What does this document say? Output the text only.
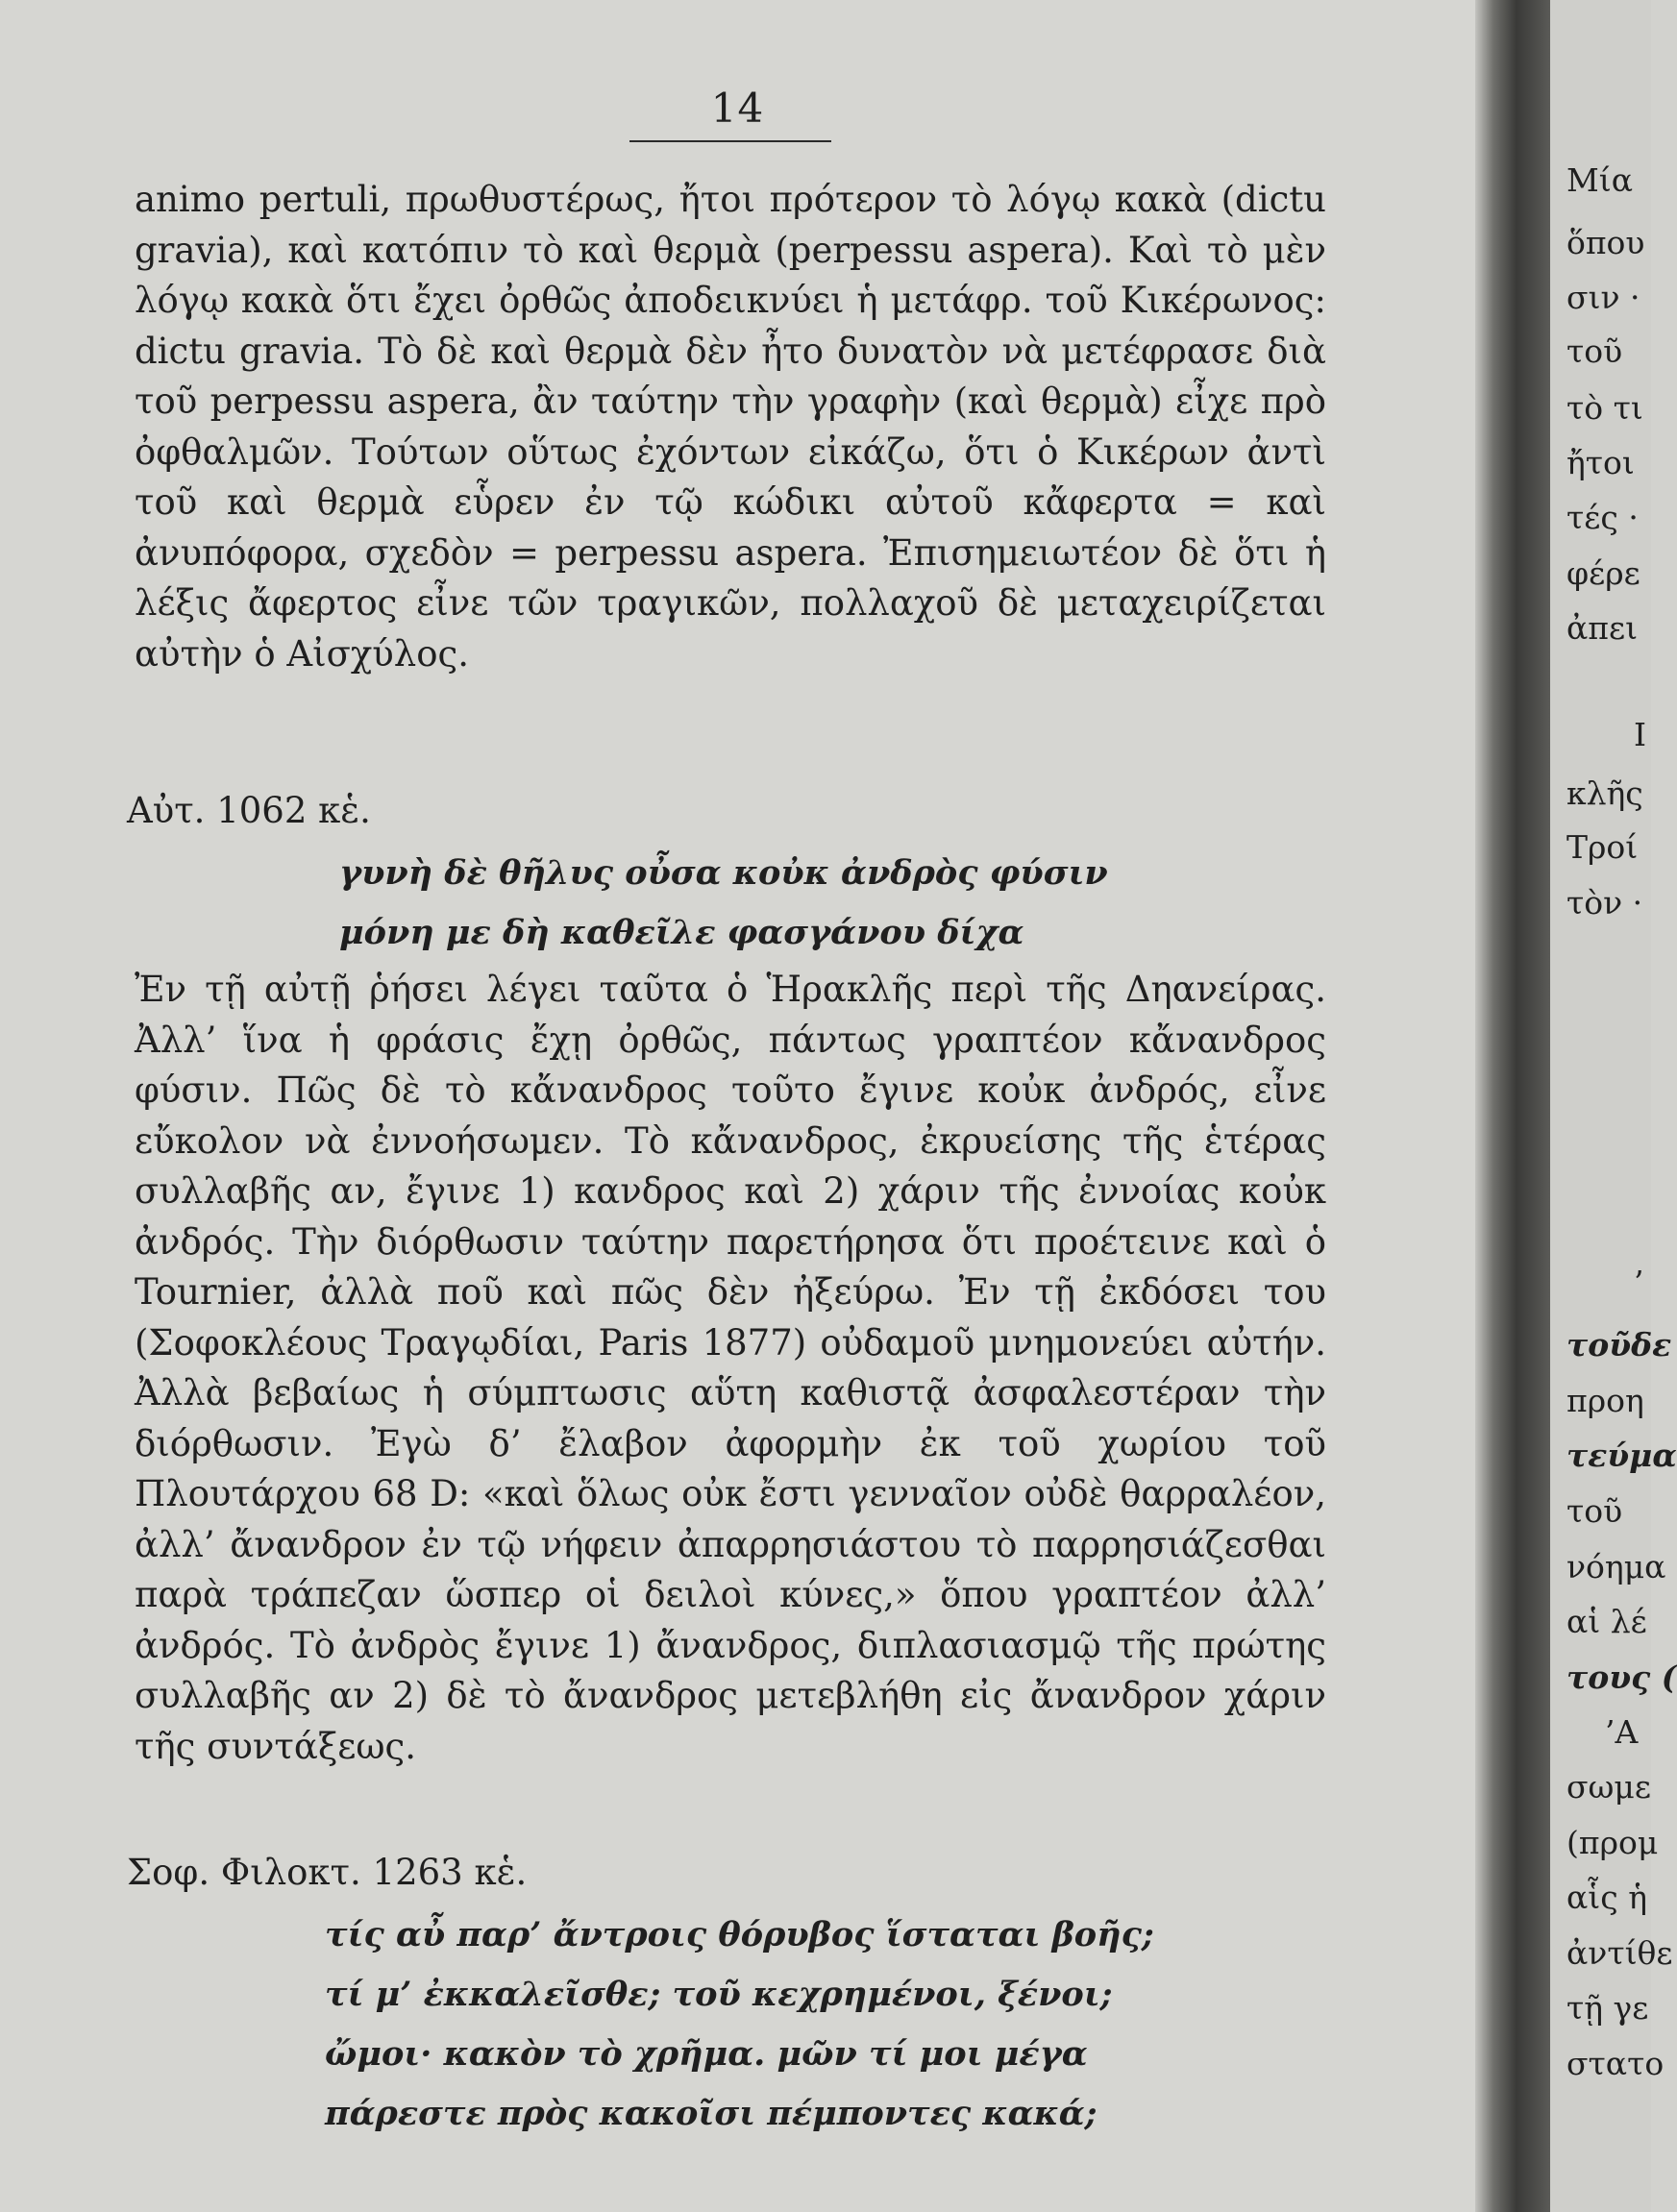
14

animo pertuli, πρωθυστέρως, ἤτοι πρότερον τὸ λόγῳ κακὰ (dictu gravia), καὶ κατόπιν τὸ καὶ θερμὰ (perpessu aspera). Καὶ τὸ μὲν λόγῳ κακὰ ὅτι ἔχει ὀρθῶς ἀποδεικνύει ἡ μετάφρ. τοῦ Κικέρωνος: dictu gravia. Τὸ δὲ καὶ θερμὰ δὲν ἦτο δυνατὸν νὰ μετέφρασε διὰ τοῦ perpessu aspera, ἂν ταύτην τὴν γραφὴν (καὶ θερμὰ) εἶχε πρὸ ὀφθαλμῶν. Τούτων οὕτως ἐχόντων εἰκάζω, ὅτι ὁ Κικέρων ἀντὶ τοῦ καὶ θερμὰ εὗρεν ἐν τῷ κώδικι αὐτοῦ κἄφερτα = καὶ ἀνυπόφορα, σχεδὸν = perpessu aspera. Ἐπισημειωτέον δὲ ὅτι ἡ λέξις ἄφερτος εἶνε τῶν τραγικῶν, πολλαχοῦ δὲ μεταχειρίζεται αὐτὴν ὁ Αἰσχύλος.

Αὐτ. 1062 κἑ.

γυνὴ δὲ θῆλυς οὖσα κοὐκ ἀνδρὸς φύσιν

μόνη με δὴ καθεῖλε φασγάνου δίχα

Ἐν τῇ αὐτῇ ῥήσει λέγει ταῦτα ὁ Ἡρακλῆς περὶ τῆς Δηανείρας. Ἀλλ’ ἵνα ἡ φράσις ἔχῃ ὀρθῶς, πάντως γραπτέον κἄνανδρος φύσιν. Πῶς δὲ τὸ κἄνανδρος τοῦτο ἔγινε κοὐκ ἀνδρός, εἶνε εὔκολον νὰ ἐννοήσωμεν. Τὸ κἄνανδρος, ἐκρυείσης τῆς ἑτέρας συλλαβῆς αν, ἔγινε 1) κανδρος καὶ 2) χάριν τῆς ἐννοίας κοὐκ ἀνδρός. Τὴν διόρθωσιν ταύτην παρετήρησα ὅτι προέτεινε καὶ ὁ Tournier, ἀλλὰ ποῦ καὶ πῶς δὲν ἠξεύρω. Ἐν τῇ ἐκδόσει του (Σοφοκλέους Τραγῳδίαι, Paris 1877) οὐδαμοῦ μνημονεύει αὐτήν. Ἀλλὰ βεβαίως ἡ σύμπτωσις αὕτη καθιστᾷ ἀσφαλεστέραν τὴν διόρθωσιν. Ἐγὼ δ’ ἔλαβον ἀφορμὴν ἐκ τοῦ χωρίου τοῦ Πλουτάρχου 68 D: «καὶ ὅλως οὐκ ἔστι γενναῖον οὐδὲ θαρραλέον, ἀλλ’ ἄνανδρον ἐν τῷ νήφειν ἀπαρρησιάστου τὸ παρρησιάζεσθαι παρὰ τράπεζαν ὥσπερ οἱ δειλοὶ κύνες,» ὅπου γραπτέον ἀλλ’ ἀνδρός. Τὸ ἀνδρὸς ἔγινε 1) ἄνανδρος, διπλασιασμῷ τῆς πρώτης συλλαβῆς αν 2) δὲ τὸ ἄνανδρος μετεβλήθη εἰς ἄνανδρον χάριν τῆς συντάξεως.

Σοφ. Φιλοκτ. 1263 κἑ.

τίς αὖ παρ’ ἄντροις θόρυβος ἵσταται βοῆς;

τί μ’ ἐκκαλεῖσθε; τοῦ κεχρημένοι, ξένοι;

ὤμοι· κακὸν τὸ χρῆμα. μῶν τί μοι μέγα

πάρεστε πρὸς κακοῖσι πέμποντες κακά;

Μία
ὅπου
σιν ·
τοῦ
τὸ τι
ἤτοι
τές ·
φέρε
ἀπει
Ι
κλῆς
Τροί
τὸν ·
’
τοῦδε
προη
τεύμα
τοῦ
νόημα
αἱ λέ
τους (
’Α
σωμε
(προμ
αἷς ἡ
ἀντίθε
τῇ γε
στατο
